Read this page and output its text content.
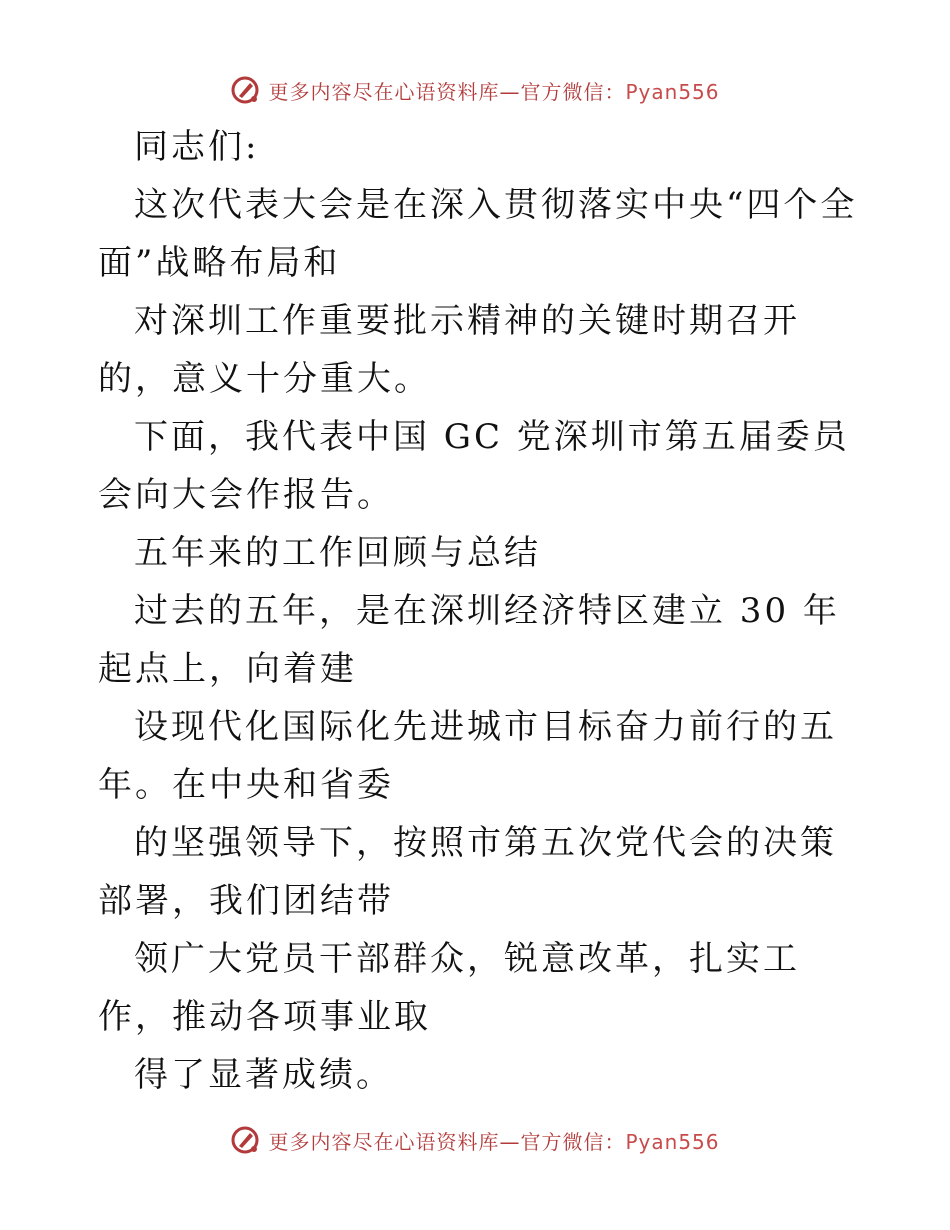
更多内容尽在心语资料库—官方微信：Pyan556

同志们:

这次代表大会是在深入贯彻落实中央“四个全面”战略布局和

对深圳工作重要批示精神的关键时期召开的，意义十分重大。

下面，我代表中国 GC 党深圳市第五届委员会向大会作报告。

五年来的工作回顾与总结

过去的五年，是在深圳经济特区建立 30 年起点上，向着建

设现代化国际化先进城市目标奋力前行的五年。在中央和省委

的坚强领导下，按照市第五次党代会的决策部署，我们团结带

领广大党员干部群众，锐意改革，扎实工作，推动各项事业取

得了显著成绩。

更多内容尽在心语资料库—官方微信：Pyan556
